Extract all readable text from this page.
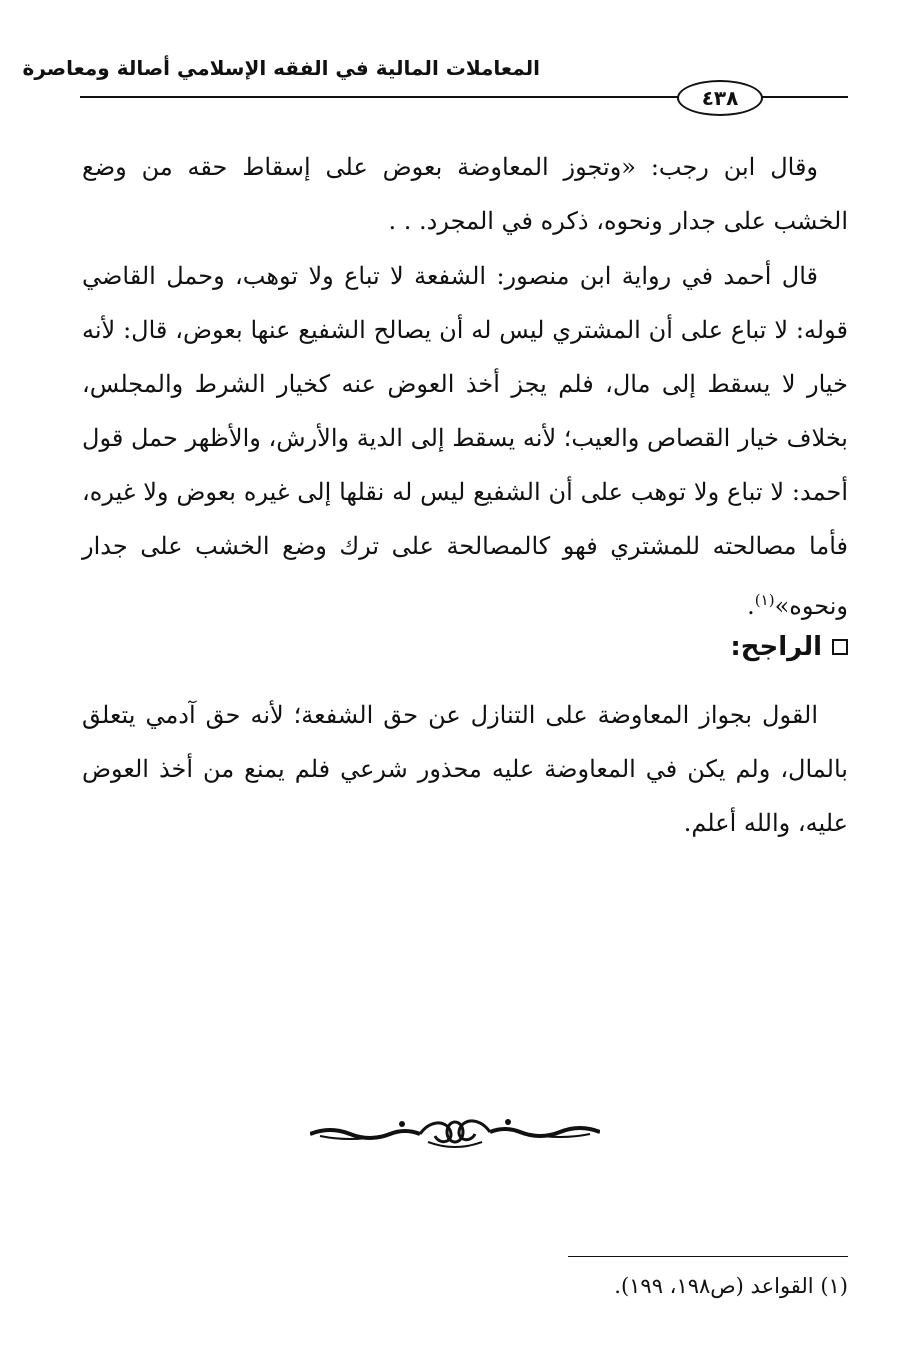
المعاملات المالية في الفقه الإسلامي أصالة ومعاصرة
٤٣٨

وقال ابن رجب: «وتجوز المعاوضة بعوض على إسقاط حقه من وضع الخشب على جدار ونحوه، ذكره في المجرد. . .

قال أحمد في رواية ابن منصور: الشفعة لا تباع ولا توهب، وحمل القاضي قوله: لا تباع على أن المشتري ليس له أن يصالح الشفيع عنها بعوض، قال: لأنه خيار لا يسقط إلى مال، فلم يجز أخذ العوض عنه كخيار الشرط والمجلس، بخلاف خيار القصاص والعيب؛ لأنه يسقط إلى الدية والأرش، والأظهر حمل قول أحمد: لا تباع ولا توهب على أن الشفيع ليس له نقلها إلى غيره بعوض ولا غيره، فأما مصالحته للمشتري فهو كالمصالحة على ترك وضع الخشب على جدار ونحوه»$^{(١)}$.

الراجح:

القول بجواز المعاوضة على التنازل عن حق الشفعة؛ لأنه حق آدمي يتعلق بالمال، ولم يكن في المعاوضة عليه محذور شرعي فلم يمنع من أخذ العوض عليه، والله أعلم.

(١) القواعد (ص١٩٨، ١٩٩).
